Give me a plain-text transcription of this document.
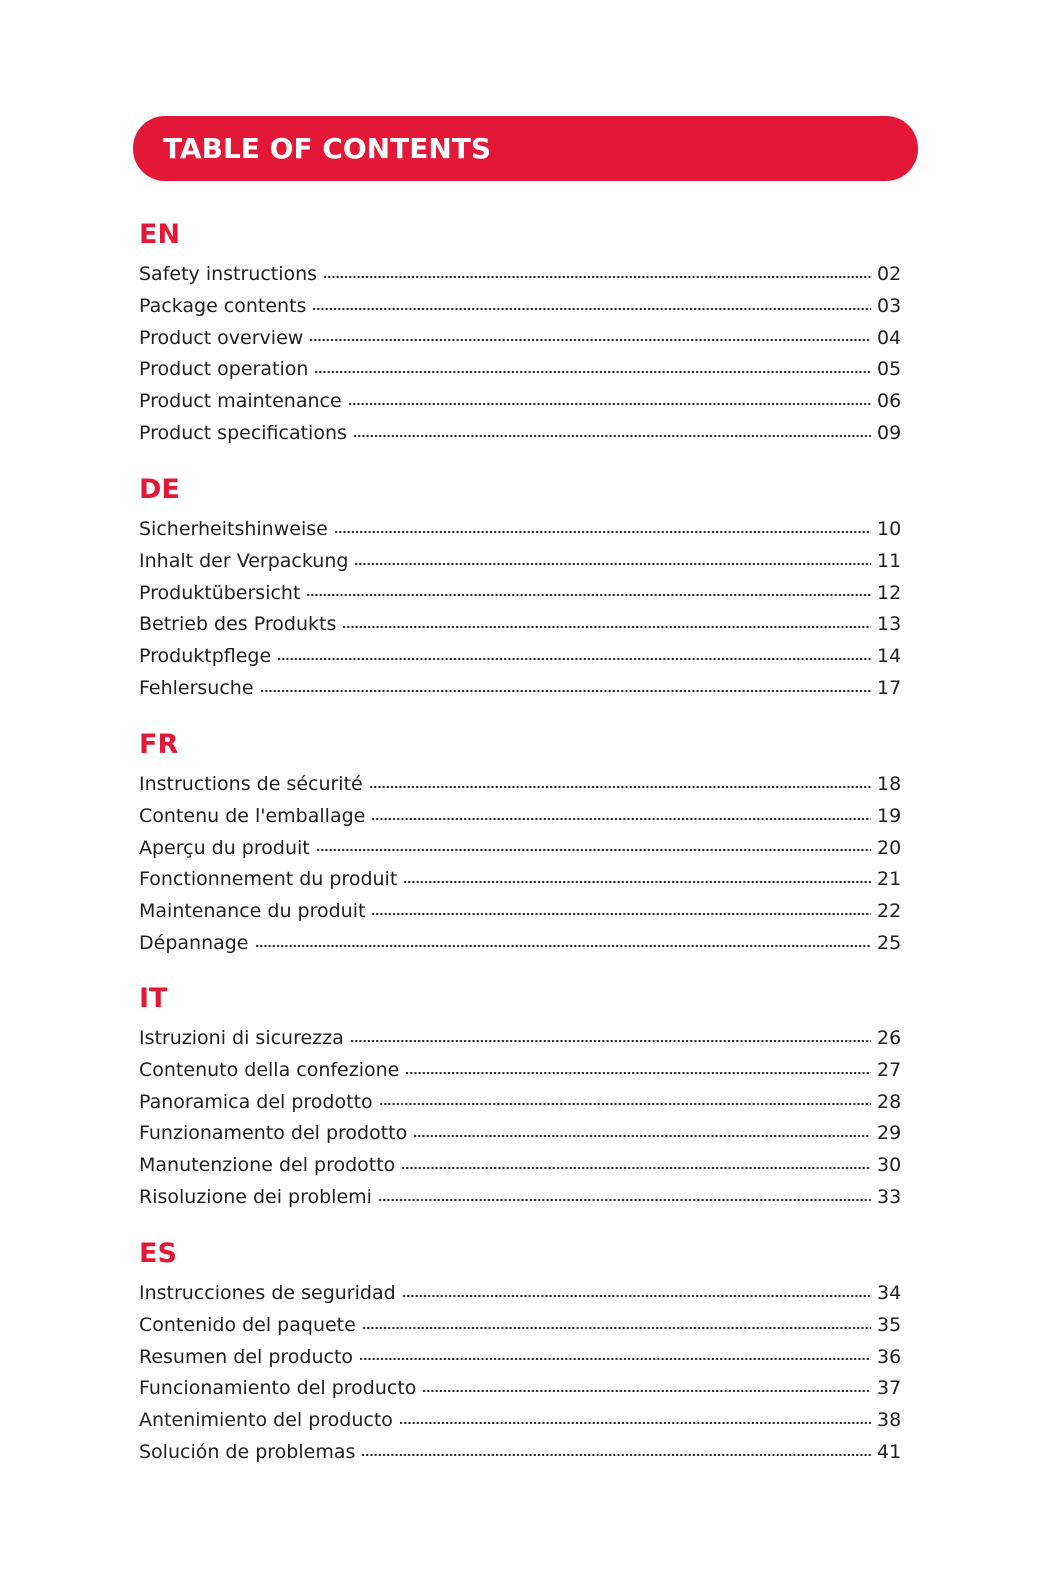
TABLE OF CONTENTS
EN
Safety instructions	02
Package contents	03
Product overview	04
Product operation	05
Product maintenance	06
Product specifications	09
DE
Sicherheitshinweise	10
Inhalt der Verpackung	11
Produktübersicht	12
Betrieb des Produkts	13
Produktpflege	14
Fehlersuche	17
FR
Instructions de sécurité	18
Contenu de l'emballage	19
Aperçu du produit	20
Fonctionnement du produit	21
Maintenance du produit	22
Dépannage	25
IT
Istruzioni di sicurezza	26
Contenuto della confezione	27
Panoramica del prodotto	28
Funzionamento del prodotto	29
Manutenzione del prodotto	30
Risoluzione dei problemi	33
ES
Instrucciones de seguridad	34
Contenido del paquete	35
Resumen del producto	36
Funcionamiento del producto	37
Antenimiento del producto	38
Solución de problemas	41
